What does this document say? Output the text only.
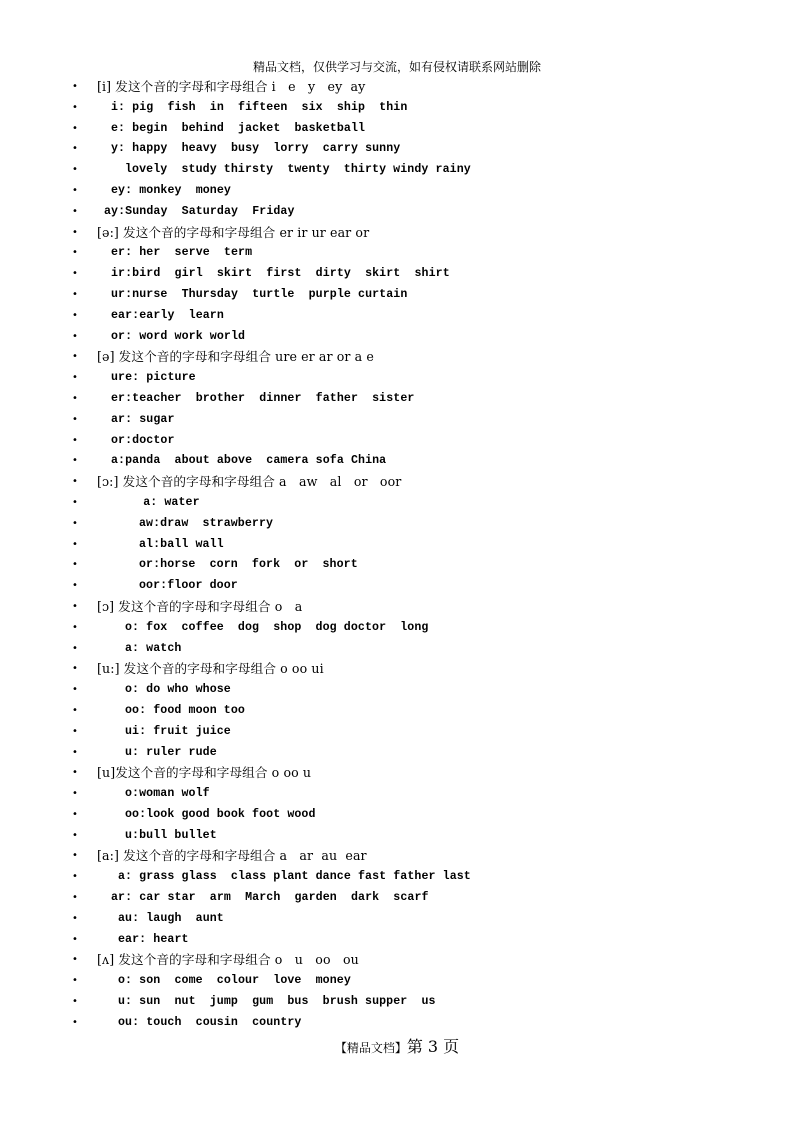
精品文档，仅供学习与交流，如有侵权请联系网站删除
• [i] 发这个音的字母和字母组合 i   e   y   ey  ay
•	i: pig  fish  in  fifteen  six  ship  thin
•	e: begin  behind  jacket  basketball
•	y: happy  heavy  busy  lorry  carry sunny
•	lovely  study thirsty  twenty  thirty windy rainy
•	ey: monkey  money
• ay:Sunday  Saturday  Friday
• [ə:] 发这个音的字母和字母组合 er ir ur ear or
•	er: her  serve  term
•	ir:bird  girl  skirt  first  dirty  skirt  shirt
•	ur:nurse  Thursday  turtle  purple curtain
•	ear:early  learn
•	or: word work world
• [ə] 发这个音的字母和字母组合 ure er ar or a e
•	ure: picture
•	er:teacher  brother  dinner  father  sister
•	ar: sugar
•	or:doctor
•	a:panda  about above  camera sofa China
• [ɔ:] 发这个音的字母和字母组合 a   aw   al   or   oor
•	a: water
•	aw:draw  strawberry
•	al:ball wall
•	or:horse  corn  fork  or  short
•	oor:floor door
• [ɔ] 发这个音的字母和字母组合 o   a
•	o: fox  coffee  dog  shop  dog doctor  long
•	a: watch
• [u:] 发这个音的字母和字母组合 o oo ui
•	o: do who whose
•	oo: food moon too
•	ui: fruit juice
•	u: ruler rude
• [u]发这个音的字母和字母组合 o oo u
•	o:woman wolf
•	oo:look good book foot wood
•	u:bull bullet
• [a:] 发这个音的字母和字母组合 a   ar  au  ear
•	a: grass glass  class plant dance fast father last
•	ar: car star  arm  March  garden  dark  scarf
•	au: laugh  aunt
•	ear: heart
• [ʌ] 发这个音的字母和字母组合 o   u   oo   ou
•	o: son  come  colour  love  money
•	u: sun  nut  jump  gum  bus  brush supper  us
•	ou: touch  cousin  country
【精品文档】第 3 页
